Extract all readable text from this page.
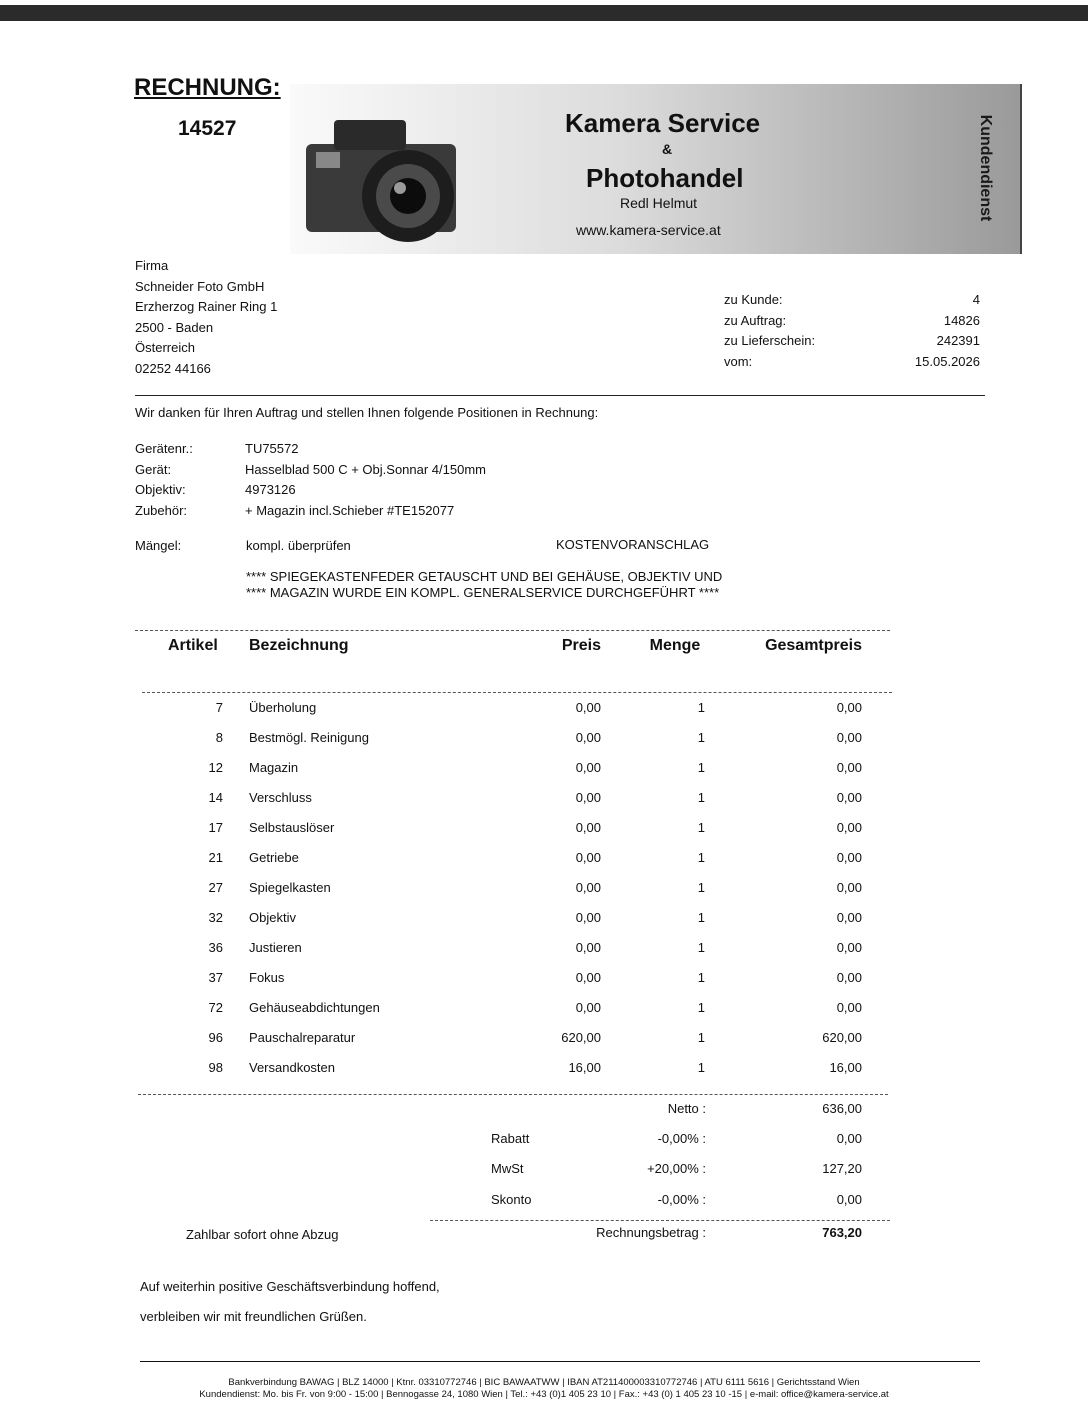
RECHNUNG:
14527	Kamera Service
&
Photohandel
Redl Helmut
www.kamera-service.at
Kundendienst
Firma
Schneider Foto GmbH
Erzherzog Rainer Ring 1
2500 - Baden
Österreich
02252 44166
zu Kunde:	4
zu Auftrag:	14826
zu Lieferschein:	242391
vom:	15.05.2026
Wir danken für Ihren Auftrag und stellen Ihnen folgende Positionen in Rechnung:
Gerätenr.:	TU75572
Gerät:	Hasselblad 500 C + Obj.Sonnar 4/150mm
Objektiv:	4973126
Zubehör:	+ Magazin incl.Schieber #TE152077
Mängel:	kompl. überprüfen	KOSTENVORANSCHLAG
**** SPIEGEKASTENFEDER GETAUSCHT UND BEI GEHÄUSE, OBJEKTIV UND
**** MAGAZIN WURDE EIN KOMPL. GENERALSERVICE DURCHGEFÜHRT ****
Artikel Bezeichnung	Preis	Menge	Gesamtpreis
7 Überholung	0,00	1	0,00
8 Bestmögl. Reinigung	0,00	1	0,00
12 Magazin	0,00	1	0,00
14 Verschluss	0,00	1	0,00
17 Selbstauslöser	0,00	1	0,00
21 Getriebe	0,00	1	0,00
27 Spiegelkasten	0,00	1	0,00
32 Objektiv	0,00	1	0,00
36 Justieren	0,00	1	0,00
37 Fokus	0,00	1	0,00
72 Gehäuseabdichtungen	0,00	1	0,00
96 Pauschalreparatur	620,00	1	620,00
98 Versandkosten	16,00	1	16,00
Netto :	636,00
Rabatt	-0,00% :	0,00
MwSt	+20,00% :	127,20
Skonto	-0,00% :	0,00
Zahlbar sofort ohne Abzug	Rechnungsbetrag :	763,20
Auf weiterhin positive Geschäftsverbindung hoffend,
verbleiben wir mit freundlichen Grüßen.
Bankverbindung BAWAG | BLZ 14000 | Ktnr. 03310772746 | BIC BAWAATWW | IBAN AT211400003310772746 | ATU 6111 5616 | Gerichtsstand Wien
Kundendienst: Mo. bis Fr. von 9:00 - 15:00 | Bennogasse 24, 1080 Wien | Tel.: +43 (0)1 405 23 10 | Fax.: +43 (0) 1 405 23 10 -15 | e-mail: office@kamera-service.at
